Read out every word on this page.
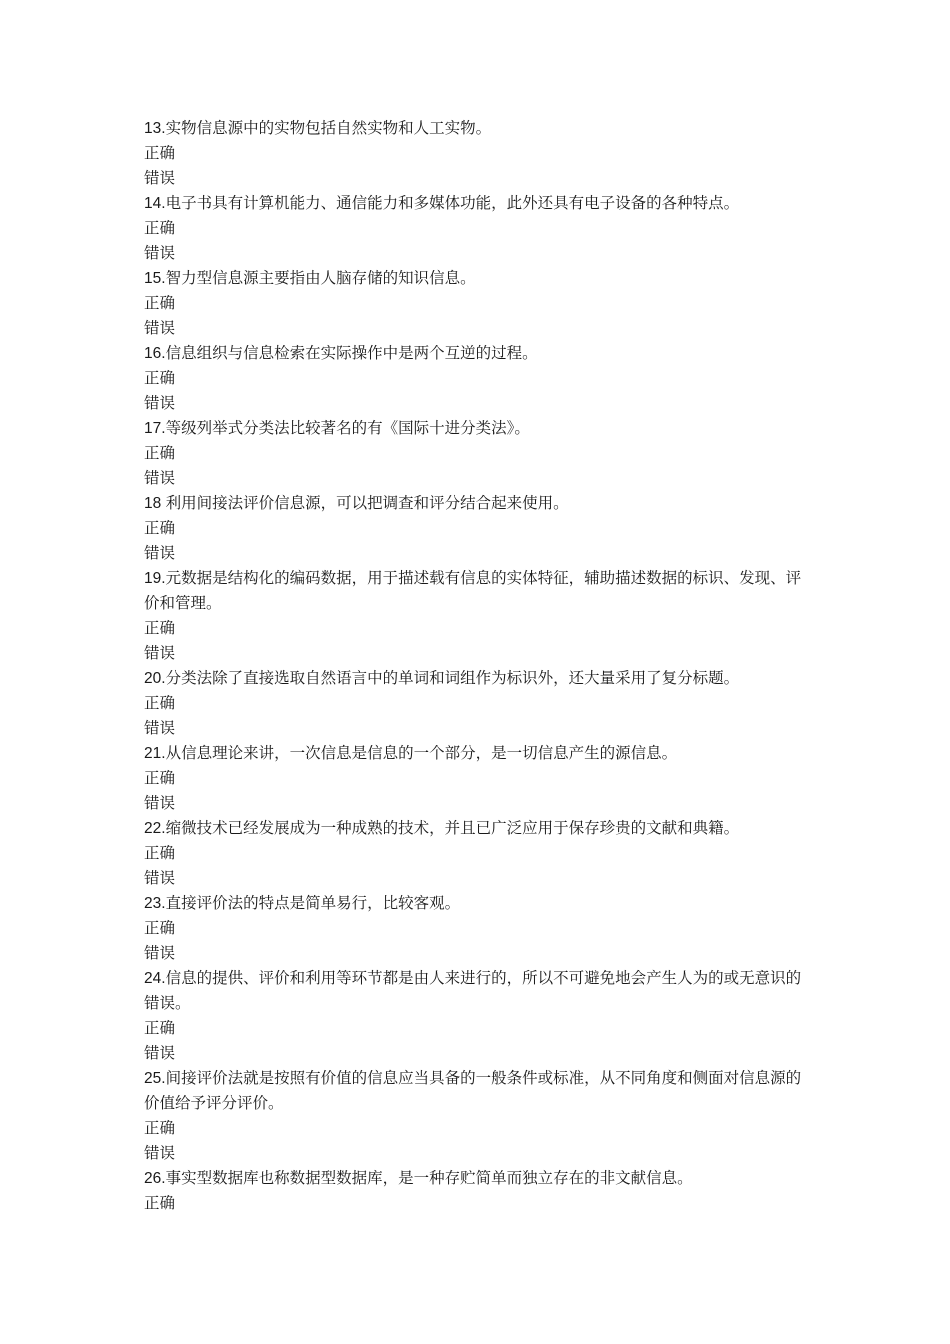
13.实物信息源中的实物包括自然实物和人工实物。

正确
错误

14.电子书具有计算机能力、通信能力和多媒体功能，此外还具有电子设备的各种特点。

正确
错误

15.智力型信息源主要指由人脑存储的知识信息。

正确
错误

16.信息组织与信息检索在实际操作中是两个互逆的过程。

正确
错误

17.等级列举式分类法比较著名的有《国际十进分类法》。

正确
错误

18 利用间接法评价信息源，可以把调查和评分结合起来使用。

正确
错误

19.元数据是结构化的编码数据，用于描述载有信息的实体特征，辅助描述数据的标识、发现、评价和管理。

正确
错误

20.分类法除了直接选取自然语言中的单词和词组作为标识外，还大量采用了复分标题。

正确
错误

21.从信息理论来讲，一次信息是信息的一个部分，是一切信息产生的源信息。

正确
错误

22.缩微技术已经发展成为一种成熟的技术，并且已广泛应用于保存珍贵的文献和典籍。

正确
错误

23.直接评价法的特点是简单易行，比较客观。

正确
错误

24.信息的提供、评价和利用等环节都是由人来进行的，所以不可避免地会产生人为的或无意识的错误。

正确
错误

25.间接评价法就是按照有价值的信息应当具备的一般条件或标准，从不同角度和侧面对信息源的价值给予评分评价。

正确
错误

26.事实型数据库也称数据型数据库，是一种存贮简单而独立存在的非文献信息。

正确
